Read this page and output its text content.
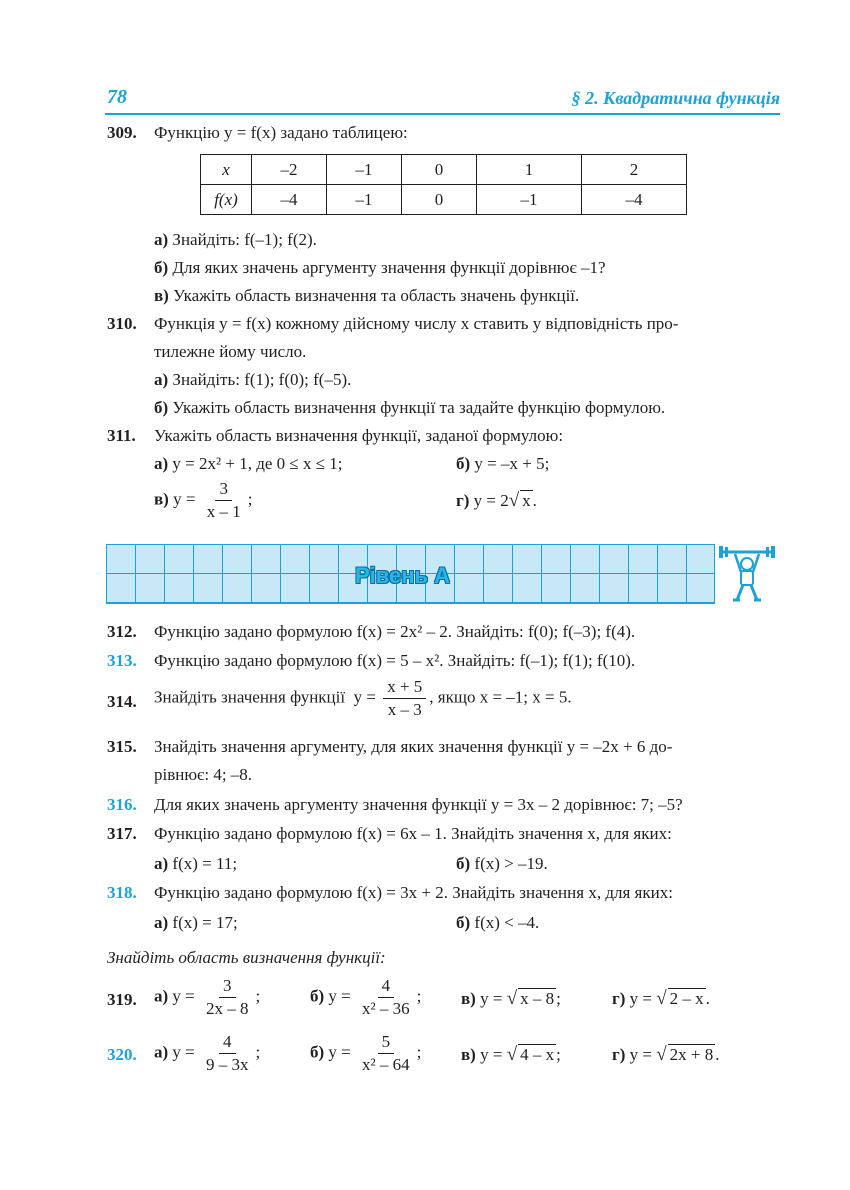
78	§ 2. Квадратична функція
309. Функцію y = f(x) задано таблицею:
x	–2	–1	0	1	2
f(x)	–4	–1	0	–1	–4
а) Знайдіть: f(–1); f(2).
б) Для яких значень аргументу значення функції дорівнює –1?
в) Укажіть область визначення та область значень функції.
310. Функція y = f(x) кожному дійсному числу x ставить у відповідність про-
тилежне йому число.
а) Знайдіть: f(1); f(0); f(–5).
б) Укажіть область визначення функції та задайте функцію формулою.
311. Укажіть область визначення функції, заданої формулою:
а) y = 2x² + 1, де 0 ≤ x ≤ 1;	б) y = –x + 5;
в) $y = \frac{3}{x - 1}$ ;	г) y = 2√ x .
Рівень А
312. Функцію задано формулою f(x) = 2x² – 2. Знайдіть: f(0); f(–3); f(4).
313. Функцію задано формулою f(x) = 5 – x². Знайдіть: f(–1); f(1); f(10).
314. Знайдіть значення функції $y = \frac{x + 5}{x - 3}$ , якщо x = –1; x = 5.
315. Знайдіть значення аргументу, для яких значення функції y = –2x + 6 до-
рівнює: 4; –8.
316. Для яких значень аргументу значення функції y = 3x – 2 дорівнює: 7; –5?
317. Функцію задано формулою f(x) = 6x – 1. Знайдіть значення x, для яких:
а) f(x) = 11;	б) f(x) > –19.
318. Функцію задано формулою f(x) = 3x + 2. Знайдіть значення x, для яких:
а) f(x) = 17;	б) f(x) < –4.
Знайдіть область визначення функції:
319. а) $y = \frac{3}{2x - 8}$ ;	б) $y = \frac{4}{\text{x² – 36}}$ ; в) y = √ x – 8 ;	г) y = √ 2 – x .
320. а) $y = \frac{4}{9 - 3x}$ ;	б) $y = \frac{5}{\text{x² – 64}}$ ; в) y = √ 4 – x ;	г) y = √ 2x + 8 .
